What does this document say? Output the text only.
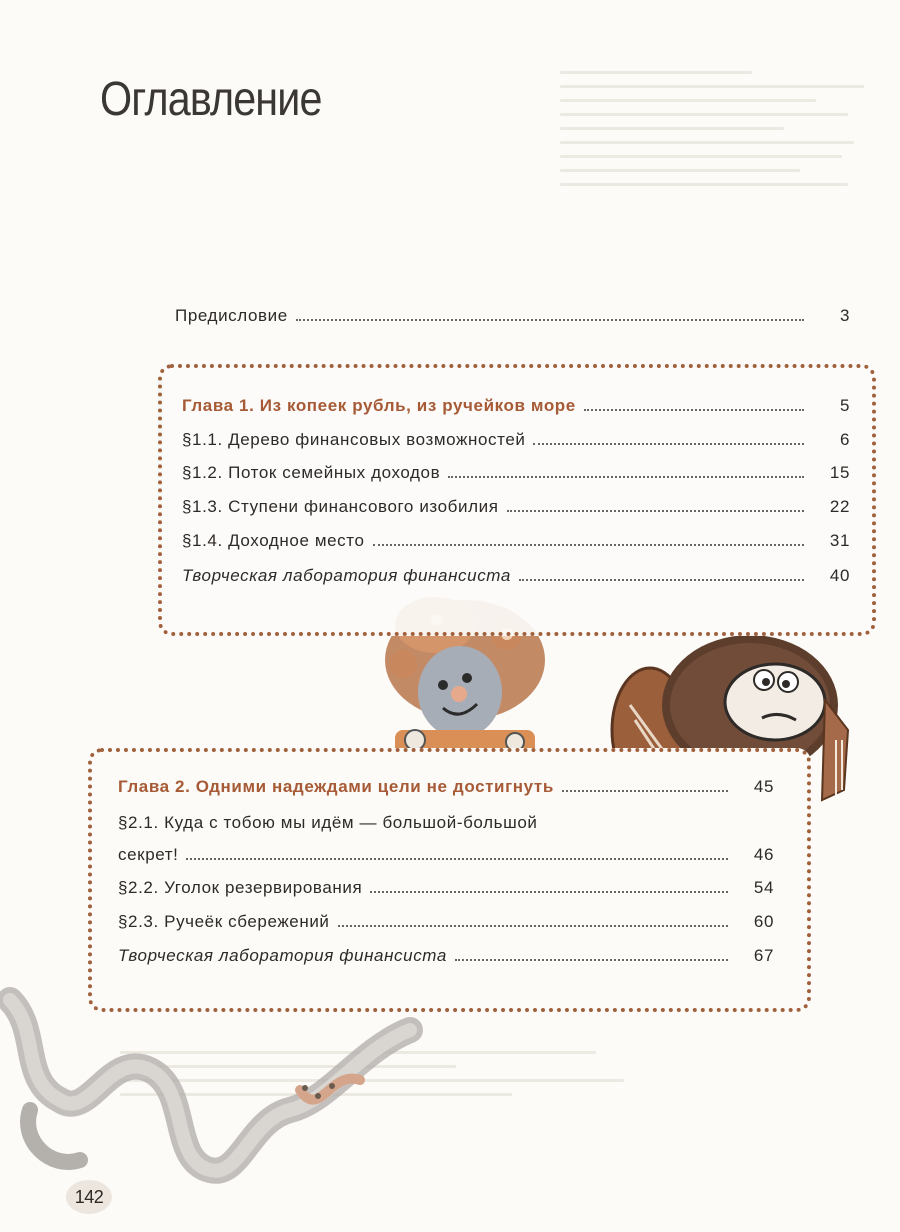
Оглавление
Предисловие	3
Глава 1. Из копеек рубль, из ручейков море	5
§1.1. Дерево финансовых возможностей	6
§1.2. Поток семейных доходов	15
§1.3. Ступени финансового изобилия	22
§1.4. Доходное место	31
Творческая лаборатория финансиста	40
Глава 2. Одними надеждами цели не достигнуть	45
§2.1. Куда с тобою мы идём — большой-большой
секрет!	46
§2.2. Уголок резервирования	54
§2.3. Ручеёк сбережений	60
Творческая лаборатория финансиста	67
142
